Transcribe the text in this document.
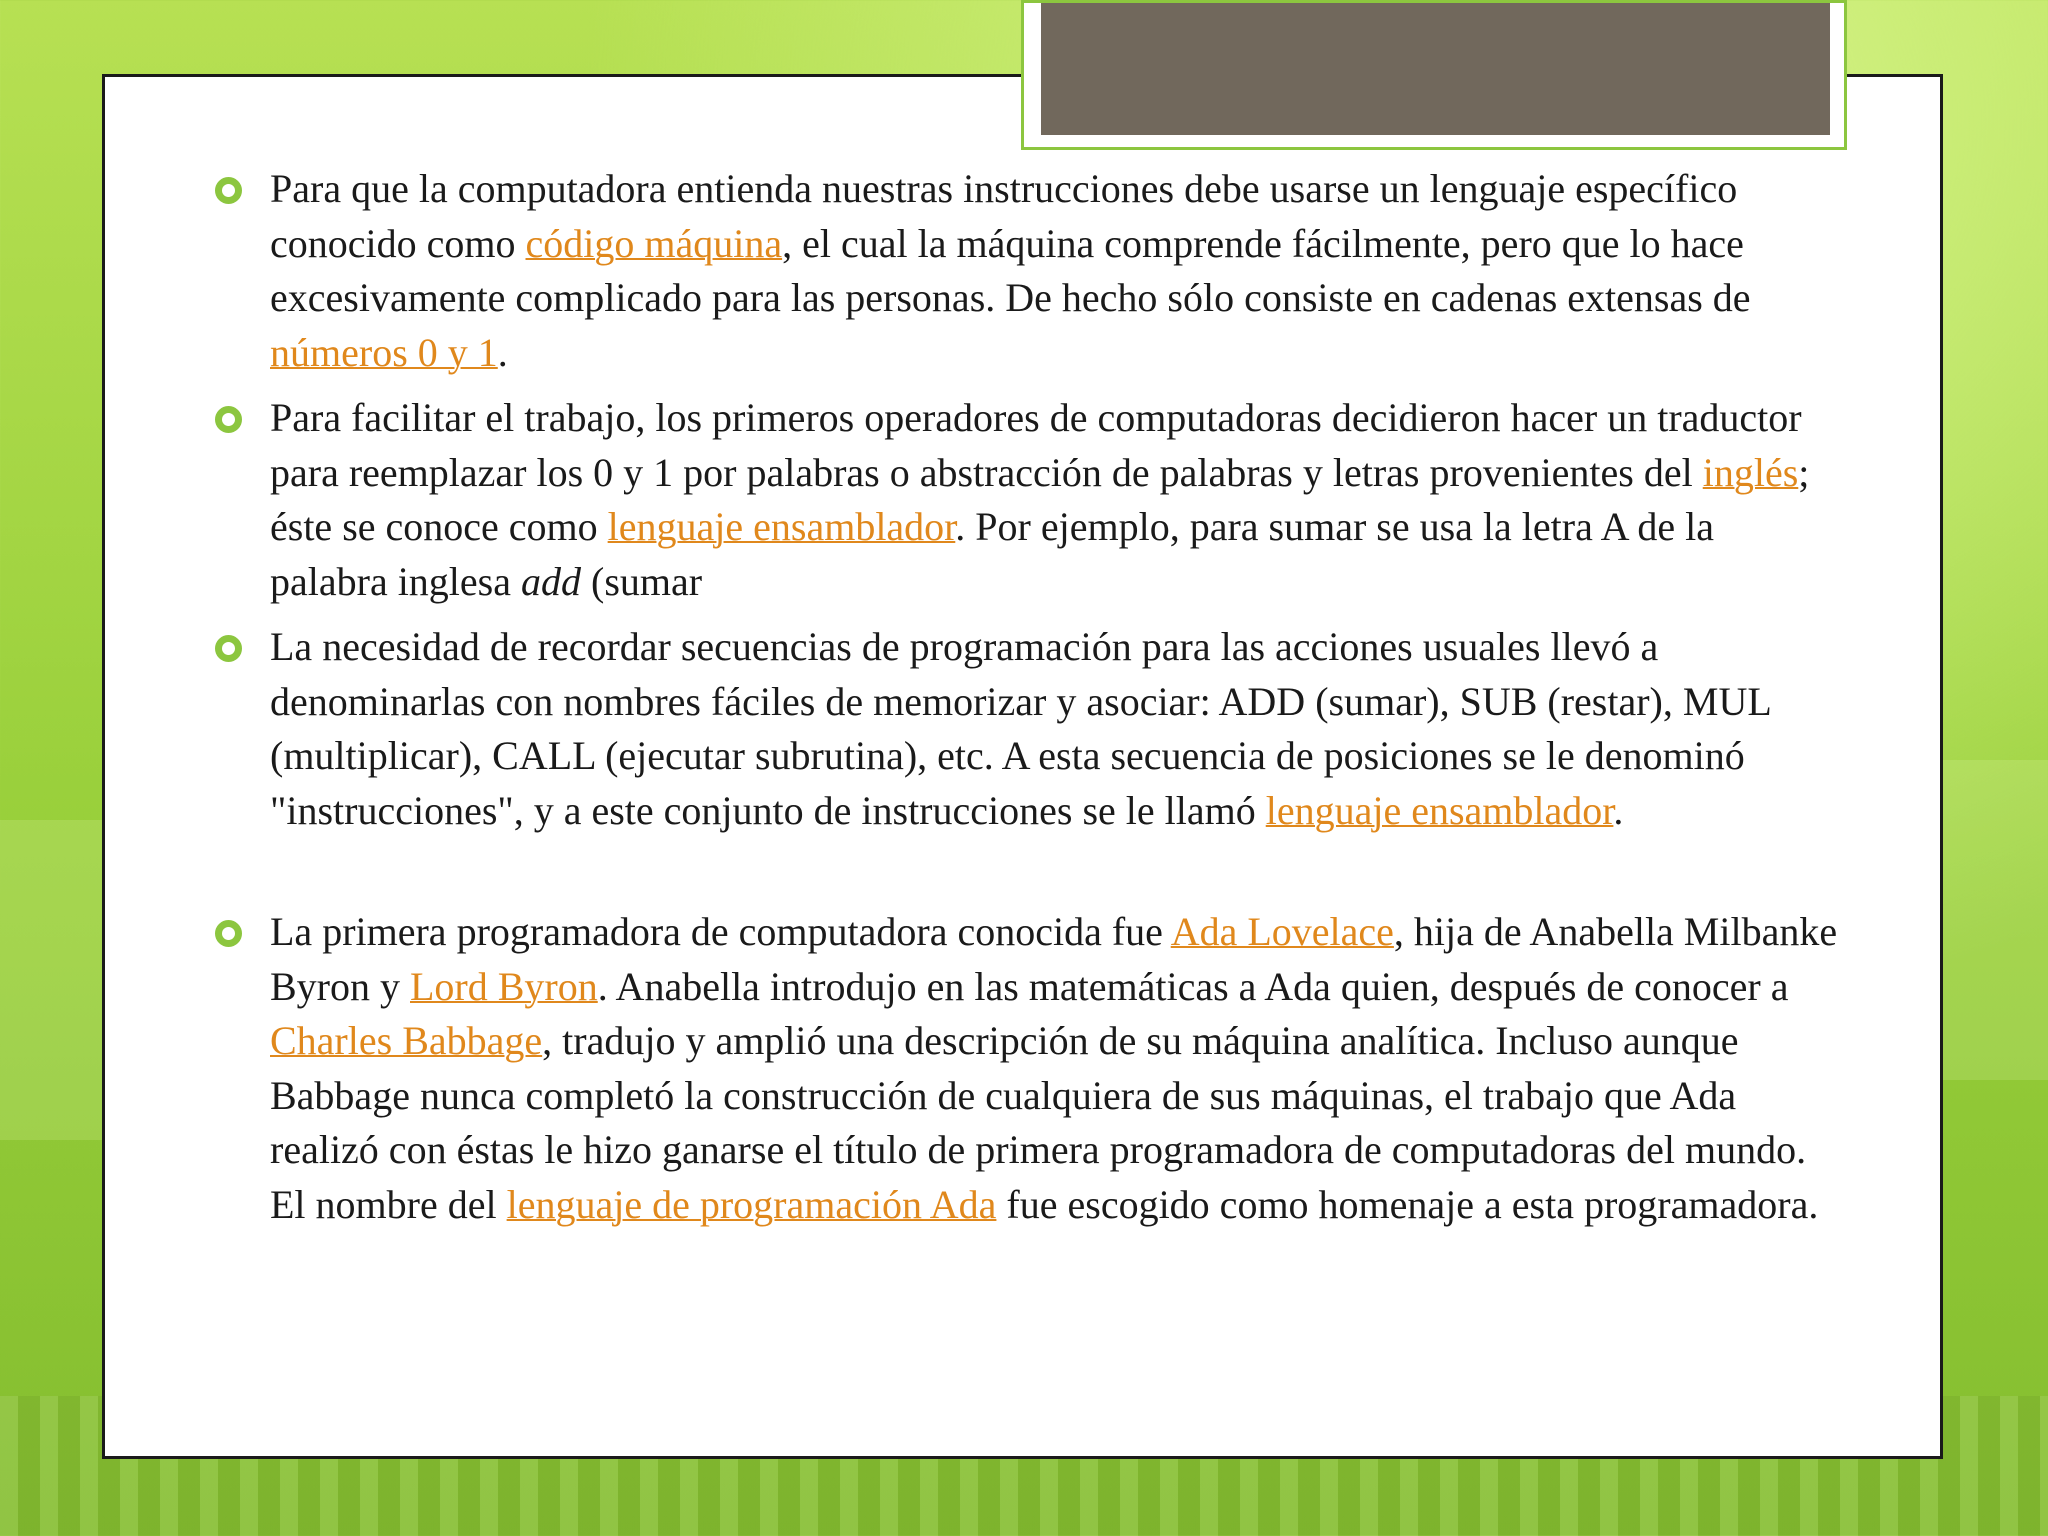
Para que la computadora entienda nuestras instrucciones debe usarse un lenguaje específico conocido como código máquina, el cual la máquina comprende fácilmente, pero que lo hace excesivamente complicado para las personas. De hecho sólo consiste en cadenas extensas de números 0 y 1.
Para facilitar el trabajo, los primeros operadores de computadoras decidieron hacer un traductor para reemplazar los 0 y 1 por palabras o abstracción de palabras y letras provenientes del inglés; éste se conoce como lenguaje ensamblador. Por ejemplo, para sumar se usa la letra A de la palabra inglesa add (sumar
La necesidad de recordar secuencias de programación para las acciones usuales llevó a denominarlas con nombres fáciles de memorizar y asociar: ADD (sumar), SUB (restar), MUL (multiplicar), CALL (ejecutar subrutina), etc. A esta secuencia de posiciones se le denominó "instrucciones", y a este conjunto de instrucciones se le llamó lenguaje ensamblador.
La primera programadora de computadora conocida fue Ada Lovelace, hija de Anabella Milbanke Byron y Lord Byron. Anabella introdujo en las matemáticas a Ada quien, después de conocer a Charles Babbage, tradujo y amplió una descripción de su máquina analítica. Incluso aunque Babbage nunca completó la construcción de cualquiera de sus máquinas, el trabajo que Ada realizó con éstas le hizo ganarse el título de primera programadora de computadoras del mundo. El nombre del lenguaje de programación Ada fue escogido como homenaje a esta programadora.
